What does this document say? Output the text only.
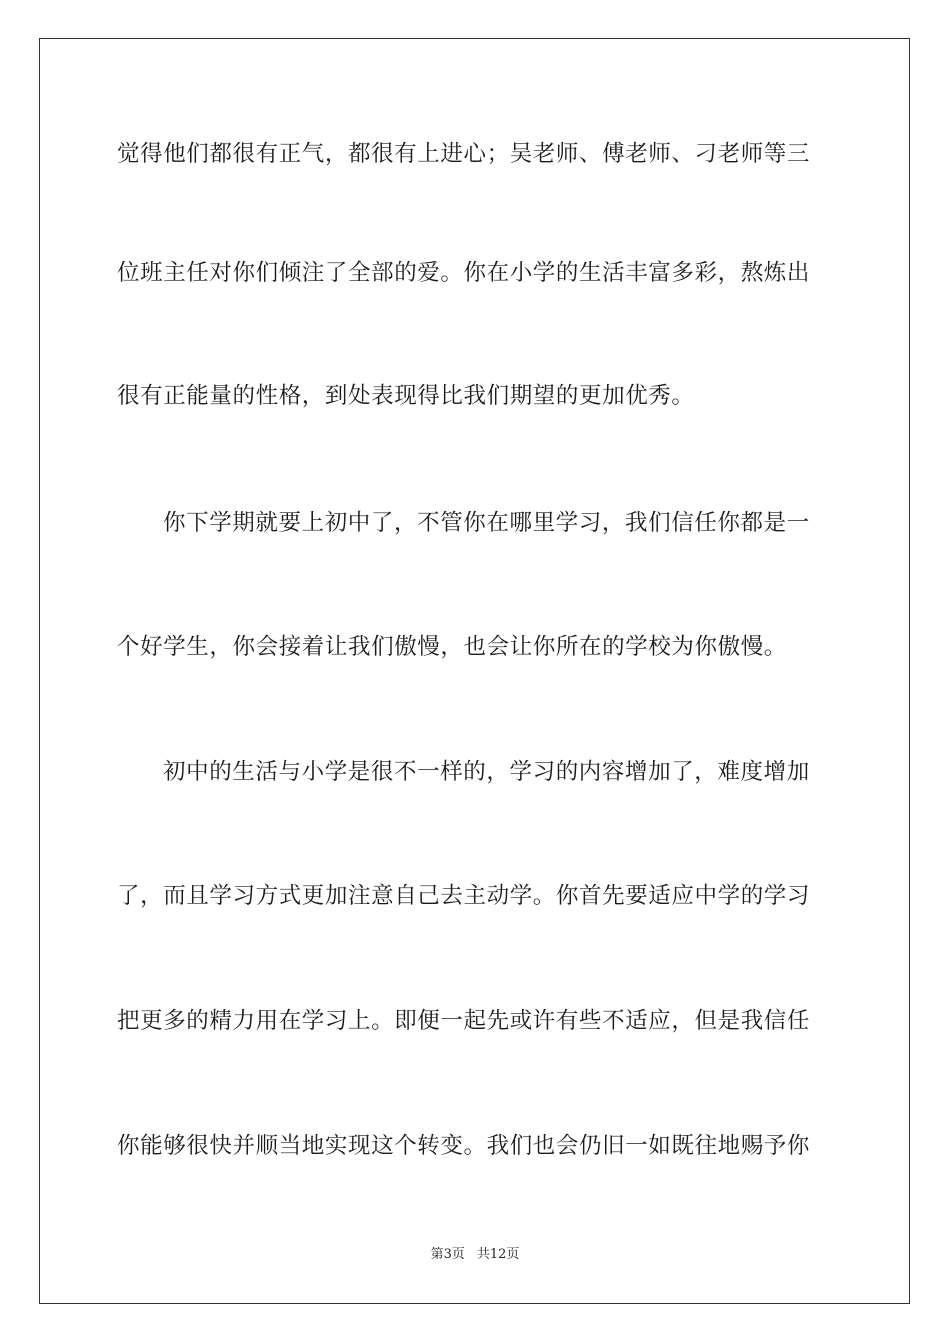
觉得他们都很有正气，都很有上进心；吴老师、傅老师、刁老师等三

位班主任对你们倾注了全部的爱。你在小学的生活丰富多彩，熬炼出

很有正能量的性格，到处表现得比我们期望的更加优秀。

你下学期就要上初中了，不管你在哪里学习，我们信任你都是一

个好学生，你会接着让我们傲慢，也会让你所在的学校为你傲慢。

初中的生活与小学是很不一样的，学习的内容增加了，难度增加

了，而且学习方式更加注意自己去主动学。你首先要适应中学的学习

把更多的精力用在学习上。即便一起先或许有些不适应，但是我信任

你能够很快并顺当地实现这个转变。我们也会仍旧一如既往地赐予你

第3页 共12页
